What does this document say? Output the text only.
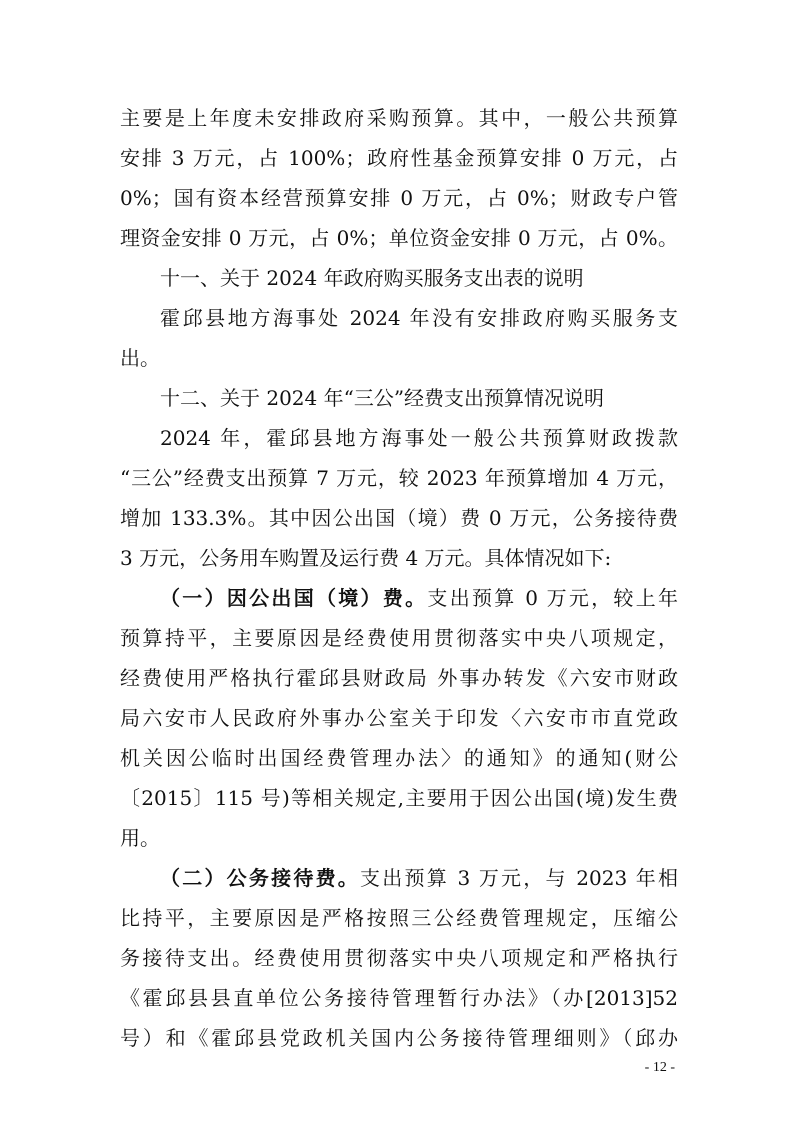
主要是上年度未安排政府采购预算。其中，一般公共预算
安排 3 万元，占 100%；政府性基金预算安排 0 万元，占
0%；国有资本经营预算安排 0 万元，占 0%；财政专户管
理资金安排 0 万元，占 0%；单位资金安排 0 万元，占 0%。
十一、关于 2024 年政府购买服务支出表的说明
霍邱县地方海事处 2024 年没有安排政府购买服务支
出。
十二、关于 2024 年“三公”经费支出预算情况说明
2024 年，霍邱县地方海事处一般公共预算财政拨款
“三公”经费支出预算 7 万元，较 2023 年预算增加 4 万元，
增加 133.3%。其中因公出国（境）费 0 万元，公务接待费
3 万元，公务用车购置及运行费 4 万元。具体情况如下:
（一）因公出国（境）费。支出预算 0 万元，较上年
预算持平，主要原因是经费使用贯彻落实中央八项规定，
经费使用严格执行霍邱县财政局 外事办转发《六安市财政
局六安市人民政府外事办公室关于印发〈六安市市直党政
机关因公临时出国经费管理办法〉的通知》的通知(财公
〔2015〕115 号)等相关规定,主要用于因公出国(境)发生费
用。
（二）公务接待费。支出预算 3 万元，与 2023 年相
比持平，主要原因是严格按照三公经费管理规定，压缩公
务接待支出。经费使用贯彻落实中央八项规定和严格执行
《霍邱县县直单位公务接待管理暂行办法》（办[2013]52
号）和《霍邱县党政机关国内公务接待管理细则》（邱办
- 12 -
